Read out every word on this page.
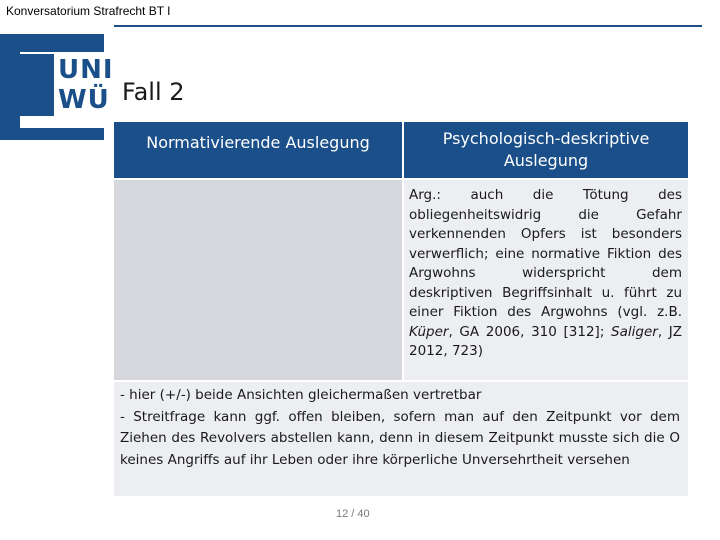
Konversatorium Strafrecht BT I
UNI
WÜ Fall 2
Normativierende Auslegung	Psychologisch-deskriptive Auslegung
Arg.: auch die Tötung des obliegenheitswidrig die Gefahr verkennenden Opfers ist besonders verwerflich; eine normative Fiktion des Argwohns widerspricht dem deskriptiven Begriffsinhalt u. führt zu einer Fiktion des Argwohns (vgl. z.B. Küper, GA 2006, 310 [312]; Saliger, JZ 2012, 723)

- hier (+/-) beide Ansichten gleichermaßen vertretbar

- Streitfrage kann ggf. offen bleiben, sofern man auf den Zeitpunkt vor dem Ziehen des Revolvers abstellen kann, denn in diesem Zeitpunkt musste sich die O keines Angriffs auf ihr Leben oder ihre körperliche Unversehrtheit versehen

12 / 40
